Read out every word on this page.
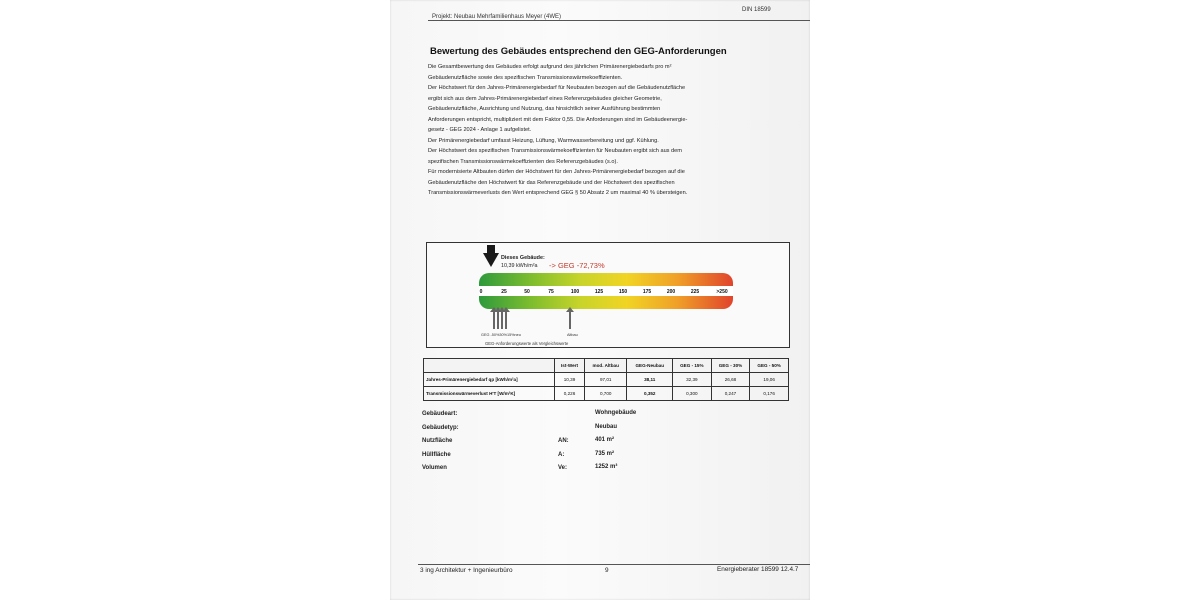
DIN 18599
Projekt: Neubau Mehrfamilienhaus Meyer (4WE)
Bewertung des Gebäudes entsprechend den GEG-Anforderungen
Die Gesamtbewertung des Gebäudes erfolgt aufgrund des jährlichen Primärenergiebedarfs pro m²
Gebäudenutzfläche sowie des spezifischen Transmissionswärmekoeffizienten.
Der Höchstwert für den Jahres-Primärenergiebedarf für Neubauten bezogen auf die Gebäudenutzfläche
ergibt sich aus dem Jahres-Primärenergiebedarf eines Referenzgebäudes gleicher Geometrie,
Gebäudenutzfläche, Ausrichtung und Nutzung, das hinsichtlich seiner Ausführung bestimmten
Anforderungen entspricht, multipliziert mit dem Faktor 0,55. Die Anforderungen sind im Gebäudeenergie-
gesetz - GEG 2024 - Anlage 1 aufgelistet.
Der Primärenergiebedarf umfasst Heizung, Lüftung, Warmwasserbereitung und ggf. Kühlung.
Der Höchstwert des spezifischen Transmissionswärmekoeffizienten für Neubauten ergibt sich aus dem
spezifischen Transmissionswärmekoeffizienten des Referenzgebäudes (s.o).
Für modernisierte Altbauten dürfen der Höchstwert für den Jahres-Primärenergiebedarf bezogen auf die
Gebäudenutzfläche den Höchstwert für das Referenzgebäude und der Höchstwert des spezifischen
Transmissionswärmeverlusts den Wert entsprechend GEG § 50 Absatz 2 um maximal 40 % übersteigen.
Dieses Gebäude:
10,39 kWh/m²a -> GEG -72,73%
0	25	50	75	100	125	150	175	200	225	>250
GEG -50%30%15%neu	Altbau
GEG-Anforderungswerte als Vergleichswerte
	Ist-Wert	mod. Altbau	GEG-Neubau	GEG - 15%	GEG - 30%	GEG - 50%
Jahres-Primärenergiebedarf qp [kWh/m²a]	10,39	97,01	38,11	32,39	26,68	19,06
Transmissionswärmeverlust H'T [W/m²K]	0,226	0,700	0,352	0,300	0,247	0,176
Gebäudeart:	Wohngebäude
Gebäudetyp:	Neubau
Nutzfläche	AN:	401 m²
Hüllfläche	A:	735 m²
Volumen	Ve:	1252 m³
3 ing Architektur + Ingenieurbüro	9	Energieberater 18599 12.4.7
